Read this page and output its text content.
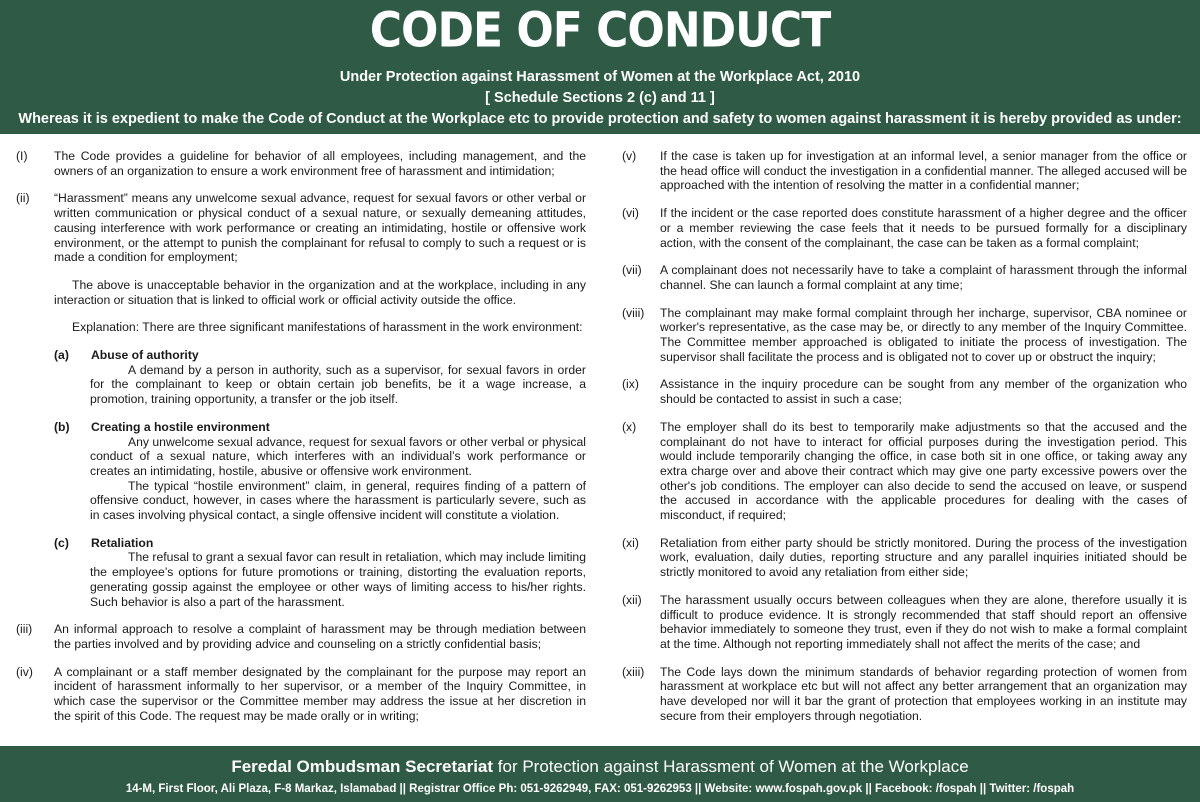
CODE OF CONDUCT
Under Protection against Harassment of Women at the Workplace Act, 2010
[ Schedule Sections 2 (c) and 11 ]
Whereas it is expedient to make the Code of Conduct at the Workplace etc to provide protection and safety to women against harassment it is hereby provided as under:
(I)	The Code provides a guideline for behavior of all employees, including management, and the owners of an organization to ensure a work environment free of harassment and intimidation;
(ii)	“Harassment” means any unwelcome sexual advance, request for sexual favors or other verbal or written communication or physical conduct of a sexual nature, or sexually demeaning attitudes, causing interference with work performance or creating an intimidating, hostile or offensive work environment, or the attempt to punish the complainant for refusal to comply to such a request or is made a condition for employment;

The above is unacceptable behavior in the organization and at the workplace, including in any interaction or situation that is linked to official work or official activity outside the office.

Explanation: There are three significant manifestations of harassment in the work environment:

(a)	Abuse of authority
A demand by a person in authority, such as a supervisor, for sexual favors in order for the complainant to keep or obtain certain job benefits, be it a wage increase, a promotion, training opportunity, a transfer or the job itself.
(b)	Creating a hostile environment
Any unwelcome sexual advance, request for sexual favors or other verbal or physical conduct of a sexual nature, which interferes with an individual’s work performance or creates an intimidating, hostile, abusive or offensive work environment.
The typical “hostile environment” claim, in general, requires finding of a pattern of offensive conduct, however, in cases where the harassment is particularly severe, such as in cases involving physical contact, a single offensive incident will constitute a violation.
(c)	Retaliation
The refusal to grant a sexual favor can result in retaliation, which may include limiting the employee’s options for future promotions or training, distorting the evaluation reports, generating gossip against the employee or other ways of limiting access to his/her rights. Such behavior is also a part of the harassment.
(iii)	An informal approach to resolve a complaint of harassment may be through mediation between the parties involved and by providing advice and counseling on a strictly confidential basis;
(iv)	A complainant or a staff member designated by the complainant for the purpose may report an incident of harassment informally to her supervisor, or a member of the Inquiry Committee, in which case the supervisor or the Committee member may address the issue at her discretion in the spirit of this Code. The request may be made orally or in writing;
(v)	If the case is taken up for investigation at an informal level, a senior manager from the office or the head office will conduct the investigation in a confidential manner. The alleged accused will be approached with the intention of resolving the matter in a confidential manner;
(vi)	If the incident or the case reported does constitute harassment of a higher degree and the officer or a member reviewing the case feels that it needs to be pursued formally for a disciplinary action, with the consent of the complainant, the case can be taken as a formal complaint;
(vii)	A complainant does not necessarily have to take a complaint of harassment through the informal channel. She can launch a formal complaint at any time;
(viii)	The complainant may make formal complaint through her incharge, supervisor, CBA nominee or worker's representative, as the case may be, or directly to any member of the Inquiry Committee. The Committee member approached is obligated to initiate the process of investigation. The supervisor shall facilitate the process and is obligated not to cover up or obstruct the inquiry;
(ix)	Assistance in the inquiry procedure can be sought from any member of the organization who should be contacted to assist in such a case;
(x)	The employer shall do its best to temporarily make adjustments so that the accused and the complainant do not have to interact for official purposes during the investigation period. This would include temporarily changing the office, in case both sit in one office, or taking away any extra charge over and above their contract which may give one party excessive powers over the other's job conditions. The employer can also decide to send the accused on leave, or suspend the accused in accordance with the applicable procedures for dealing with the cases of misconduct, if required;
(xi)	Retaliation from either party should be strictly monitored. During the process of the investigation work, evaluation, daily duties, reporting structure and any parallel inquiries initiated should be strictly monitored to avoid any retaliation from either side;
(xii)	The harassment usually occurs between colleagues when they are alone, therefore usually it is difficult to produce evidence. It is strongly recommended that staff should report an offensive behavior immediately to someone they trust, even if they do not wish to make a formal complaint at the time. Although not reporting immediately shall not affect the merits of the case; and
(xiii)	The Code lays down the minimum standards of behavior regarding protection of women from harassment at workplace etc but will not affect any better arrangement that an organization may have developed nor will it bar the grant of protection that employees working in an institute may secure from their employers through negotiation.
Feredal Ombudsman Secretariat for Protection against Harassment of Women at the Workplace
14-M, First Floor, Ali Plaza, F-8 Markaz, Islamabad || Registrar Office Ph: 051-9262949, FAX: 051-9262953 || Website: www.fospah.gov.pk || Facebook: /fospah || Twitter: /fospah
